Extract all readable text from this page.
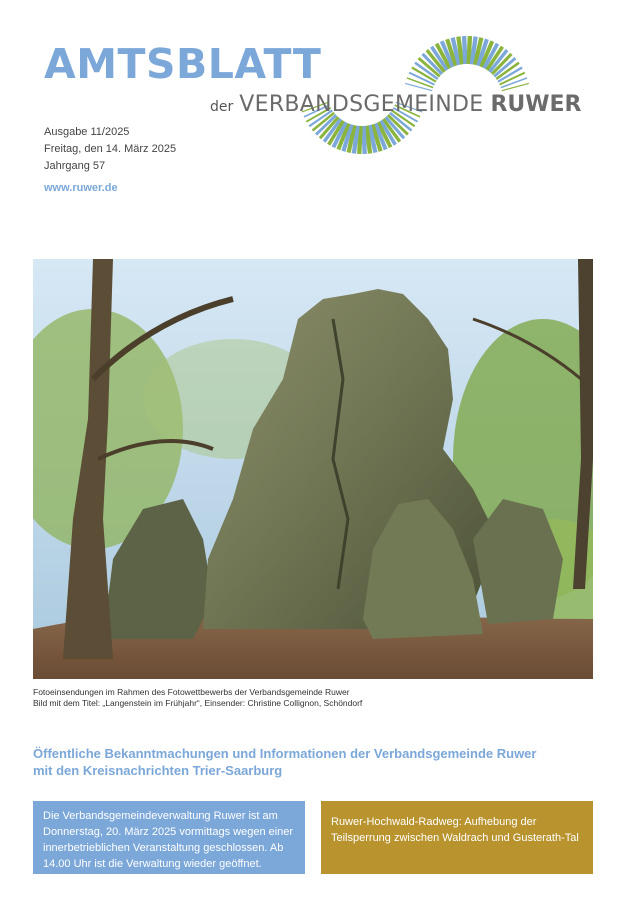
AMTSBLATT
der VERBANDSGEMEINDE RUWER
Ausgabe 11/2025
Freitag, den 14. März 2025
Jahrgang 57
www.ruwer.de
Fotoeinsendungen im Rahmen des Fotowettbewerbs der Verbandsgemeinde Ruwer
Bild mit dem Titel: „Langenstein im Frühjahr“, Einsender: Christine Collignon, Schöndorf

Öffentliche Bekanntmachungen und Informationen der Verbandsgemeinde Ruwer mit den Kreisnachrichten Trier-Saarburg

Die Verbandsgemeindeverwaltung Ruwer ist am Donnerstag, 20. März 2025 vormittags wegen einer innerbetrieblichen Veranstaltung geschlossen. Ab 14.00 Uhr ist die Verwaltung wieder geöffnet.
Ruwer-Hochwald-Radweg: Aufhebung der Teilsperrung zwischen Waldrach und Gusterath-Tal
